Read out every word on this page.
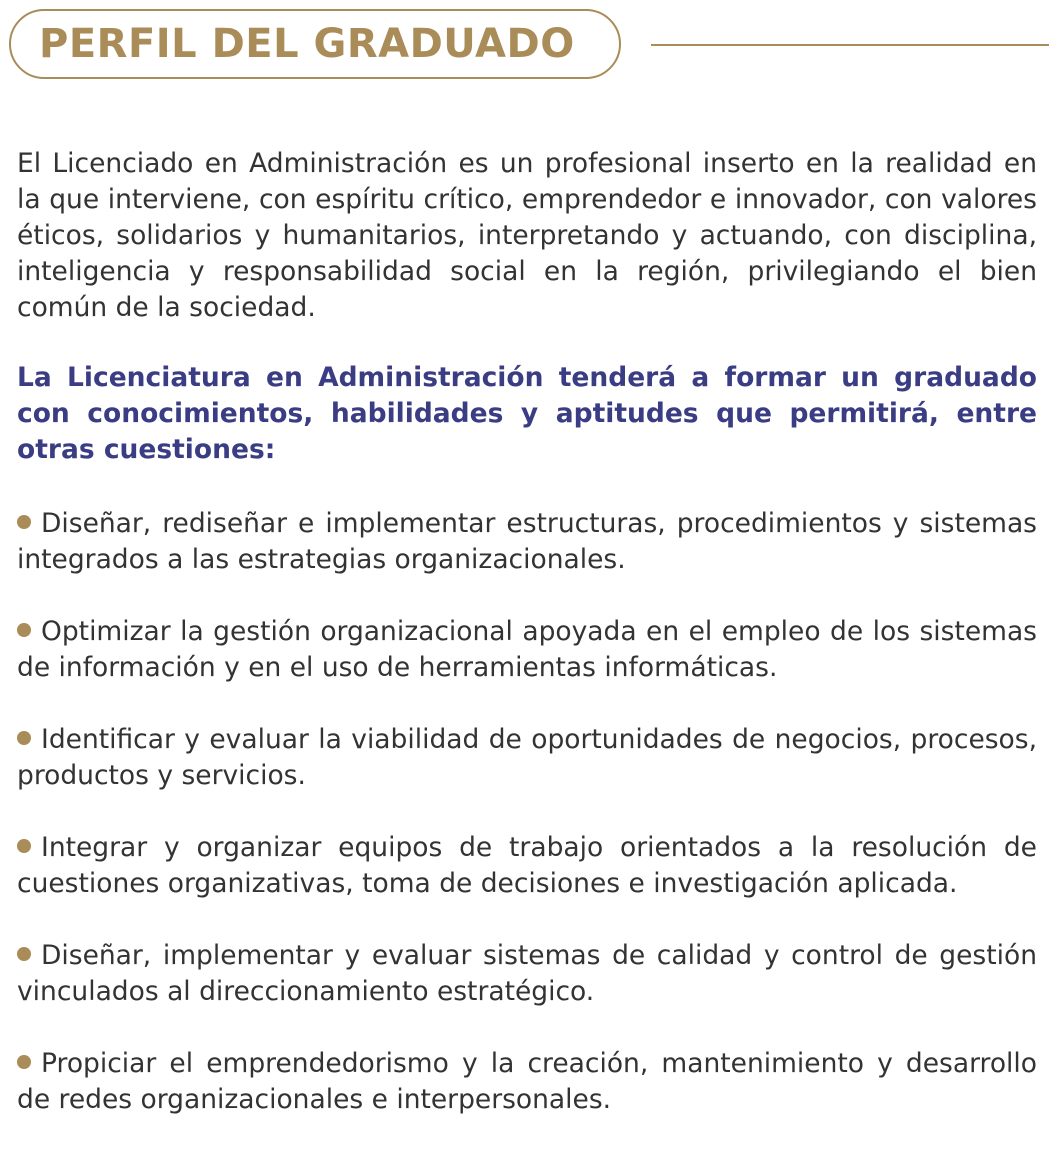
PERFIL DEL GRADUADO

El Licenciado en Administración es un profesional inserto en la realidad en la que interviene, con espíritu crítico, emprendedor e innovador, con valores éticos, solidarios y humanitarios, interpretando y actuando, con disciplina, inteligencia y responsabilidad social en la región, privilegiando el bien común de la sociedad.

La Licenciatura en Administración tenderá a formar un graduado con conocimientos, habilidades y aptitudes que permitirá, entre otras cuestiones:

Diseñar, rediseñar e implementar estructuras, procedimientos y sistemas integrados a las estrategias organizacionales.
Optimizar la gestión organizacional apoyada en el empleo de los sistemas de información y en el uso de herramientas informáticas.
Identificar y evaluar la viabilidad de oportunidades de negocios, procesos, productos y servicios.
Integrar y organizar equipos de trabajo orientados a la resolución de cuestiones organizativas, toma de decisiones e investigación aplicada.
Diseñar, implementar y evaluar sistemas de calidad y control de gestión vinculados al direccionamiento estratégico.
Propiciar el emprendedorismo y la creación, mantenimiento y desarrollo de redes organizacionales e interpersonales.
